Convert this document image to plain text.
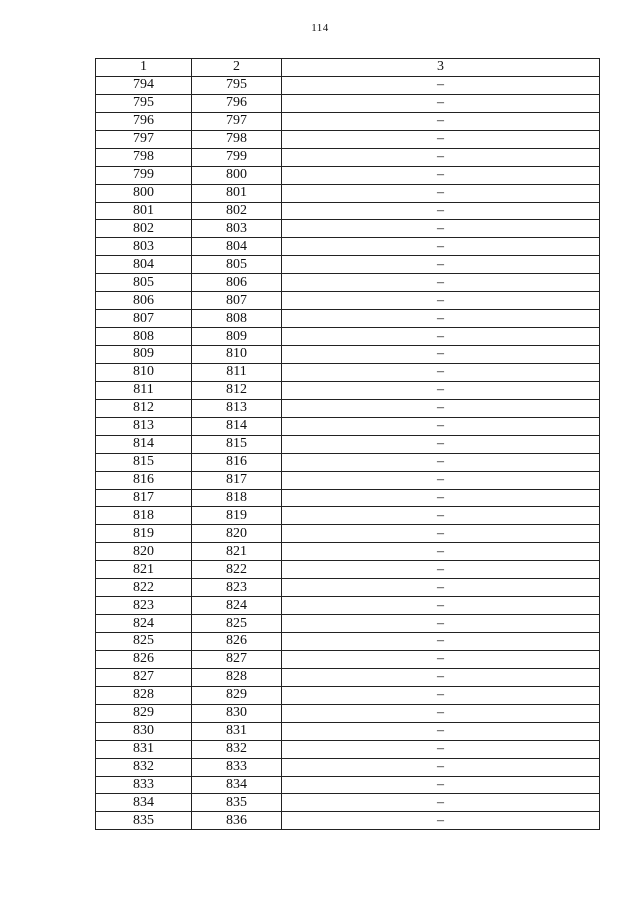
114
1	2	3
794	795	–
795	796	–
796	797	–
797	798	–
798	799	–
799	800	–
800	801	–
801	802	–
802	803	–
803	804	–
804	805	–
805	806	–
806	807	–
807	808	–
808	809	–
809	810	–
810	811	–
811	812	–
812	813	–
813	814	–
814	815	–
815	816	–
816	817	–
817	818	–
818	819	–
819	820	–
820	821	–
821	822	–
822	823	–
823	824	–
824	825	–
825	826	–
826	827	–
827	828	–
828	829	–
829	830	–
830	831	–
831	832	–
832	833	–
833	834	–
834	835	–
835	836	–
